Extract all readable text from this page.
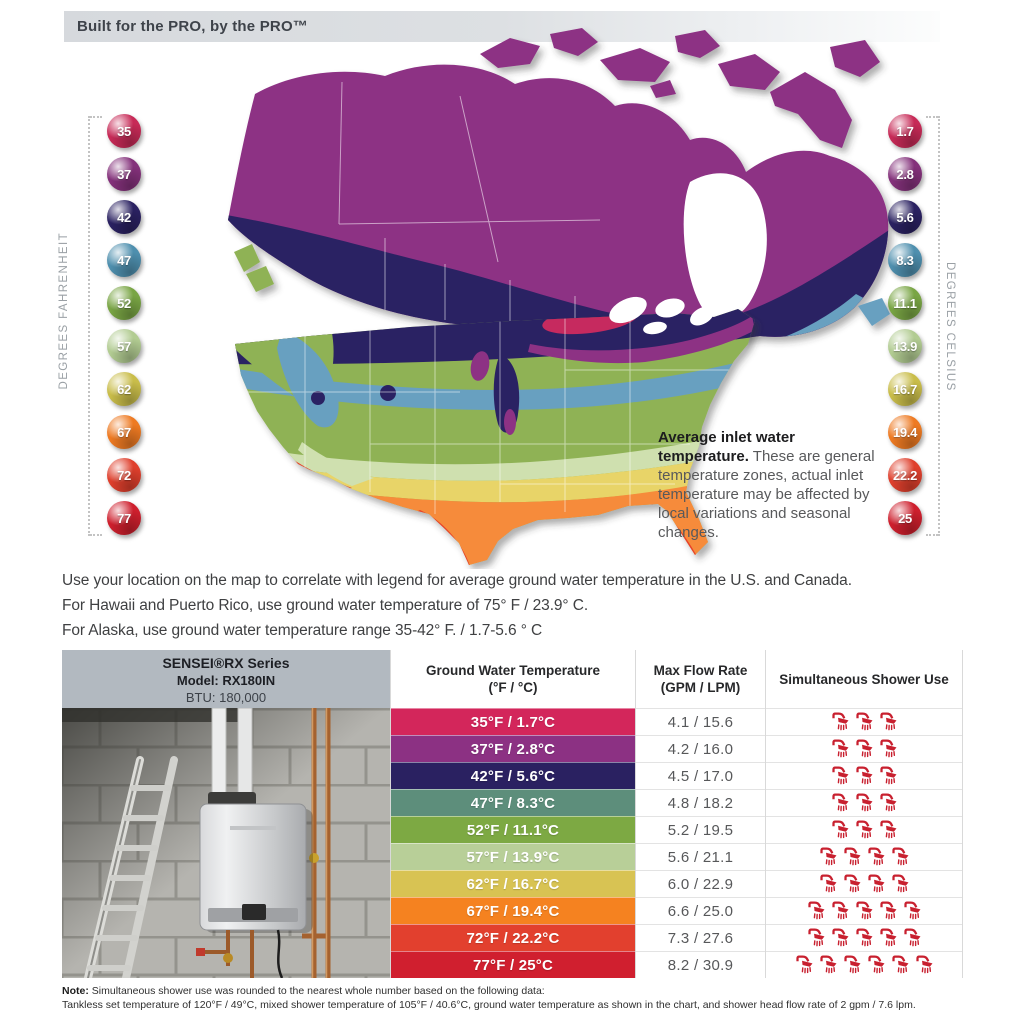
Built for the PRO, by the PRO™
DEGREES FAHRENHEIT
35
37
42
47
52
57
62
67
72
77
DEGREES CELSIUS
1.7
2.8
5.6
8.3
11.1
13.9
16.7
19.4
22.2
25
Average inlet water temperature. These are general temperature zones, actual inlet temperature may be affected by local variations and seasonal changes.

Use your location on the map to correlate with legend for average ground water temperature in the U.S. and Canada.

For Hawaii and Puerto Rico, use ground water temperature of 75° F / 23.9° C.

For Alaska, use ground water temperature range 35-42° F. / 1.7-5.6 ° C

SENSEI®RX Series
Model: RX180IN
BTU: 180,000
Ground Water Temperature
(°F / °C)
35°F / 1.7°C
37°F / 2.8°C
42°F / 5.6°C
47°F / 8.3°C
52°F / 11.1°C
57°F / 13.9°C
62°F / 16.7°C
67°F / 19.4°C
72°F / 22.2°C
77°F / 25°C
Max Flow Rate
(GPM / LPM)
4.1 / 15.6
4.2 / 16.0
4.5 / 17.0
4.8 / 18.2
5.2 / 19.5
5.6 / 21.1
6.0 / 22.9
6.6 / 25.0
7.3 / 27.6
8.2 / 30.9
Simultaneous Shower Use
Note: Simultaneous shower use was rounded to the nearest whole number based on the following data:
Tankless set temperature of 120°F / 49°C, mixed shower temperature of 105°F / 40.6°C, ground water temperature as shown in the chart, and shower head flow rate of 2 gpm / 7.6 lpm.
